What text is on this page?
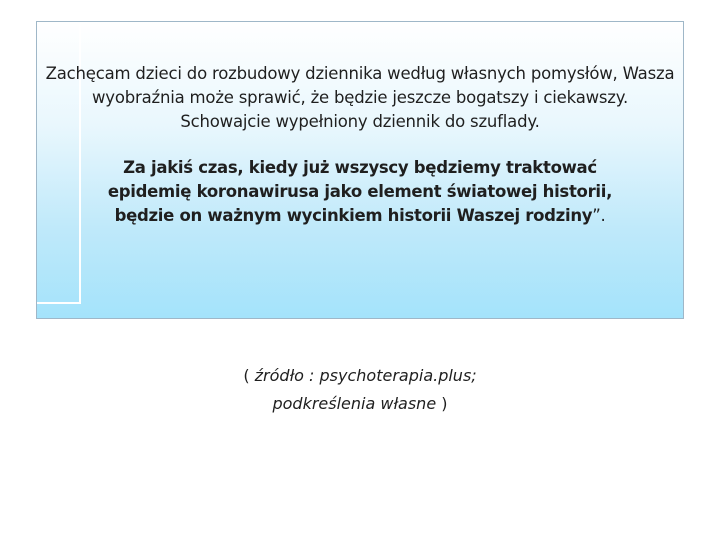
Zachęcam dzieci do rozbudowy dziennika według własnych pomysłów, Wasza
wyobraźnia może sprawić, że będzie jeszcze bogatszy i ciekawszy.
Schowajcie wypełniony dziennik do szuflady.
Za jakiś czas, kiedy już wszyscy będziemy traktować
epidemię koronawirusa jako element światowej historii,
będzie on ważnym wycinkiem historii Waszej rodziny”.
( źródło : psychoterapia.plus;
podkreślenia własne )
